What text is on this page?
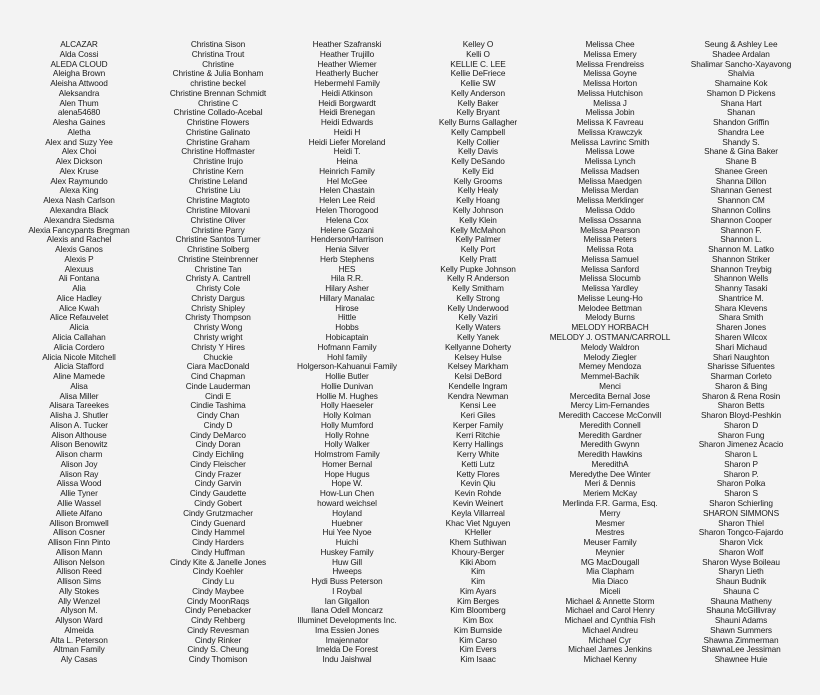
ALCAZAR
Alda Cossi
ALEDA CLOUD
Aleigha Brown
Aleisha Attwood
Aleksandra
Alen Thum
alena54680
Alesha Gaines
Aletha
Alex and Suzy Yee
Alex Choi
Alex Dickson
Alex Kruse
Alex Raymundo
Alexa King
Alexa Nash Carlson
Alexandra Black
Alexandra Siedsma
Alexia Fancypants Bregman
Alexis and Rachel
Alexis Ganos
Alexis P
Alexuus
Ali Fontana
Alia
Alice Hadley
Alice Kwah
Alice Refauvelet
Alicia
Alicia Callahan
Alicia Cordero
Alicia Nicole Mitchell
Alicia Stafford
Aline Mamede
Alisa
Alisa Miller
Alisara Tareekes
Alisha J. Shutler
Alison A. Tucker
Alison Althouse
Alison Benowitz
Alison charm
Alison Joy
Alison Ray
Alissa Wood
Allie Tyner
Allie Wassel
Alliete Alfano
Allison Bromwell
Allison Cosner
Allison Finn Pinto
Allison Mann
Allison Nelson
Allison Reed
Allison Sims
Ally Stokes
Ally Wenzel
Allyson M.
Allyson Ward
Almeida
Alta L. Peterson
Altman Family
Aly Casas
Christina Sison
Christina Trout
Christine
Christine & Julia Bonham
christine beckel
Christine Brennan Schmidt
Christine C
Christine Collado-Acebal
Christine Flowers
Christine Galinato
Christine Graham
Christine Hoffmaster
Christine Irujo
Christine Kern
Christine Leland
Christine Liu
Christine Magtoto
Christine Milovani
Christine Oliver
Christine Parry
Christine Santos Turner
Christine Solberg
Christine Steinbrenner
Christine Tan
Christy A. Cantrell
Christy Cole
Christy Dargus
Christy Shipley
Christy Thompson
Christy Wong
Christy wright
Christy Y Hires
Chuckie
Ciara MacDonald
Cind Chapman
Cinde Lauderman
Cindi E
Cindie Tashima
Cindy Chan
Cindy D
Cindy DeMarco
Cindy Doran
Cindy Eichling
Cindy Fleischer
Cindy Frazer
Cindy Garvin
Cindy Gaudette
Cindy Gobert
Cindy Grutzmacher
Cindy Guenard
Cindy Hammel
Cindy Harders
Cindy Huffman
Cindy Kite & Janelle Jones
Cindy Koehler
Cindy Lu
Cindy Maybee
Cindy MoonRaqs
Cindy Penebacker
Cindy Rehberg
Cindy Revesman
Cindy Rinker
Cindy S. Cheung
Cindy Thomison
Heather Szafranski
Heather Trujillo
Heather Wiemer
Heatherly Bucher
Hebermehl Family
Heidi Atkinson
Heidi Borgwardt
Heidi Brenegan
Heidi Edwards
Heidi H
Heidi Liefer Moreland
Heidi T.
Heina
Heinrich Family
Hel McGee
Helen Chastain
Helen Lee Reid
Helen Thorogood
Helena Cox
Helene Gozani
Henderson/Harrison
Henia Silver
Herb Stephens
HES
Hila R.R.
Hilary Asher
Hillary Manalac
Hirose
Hittle
Hobbs
Hobicaptain
Hofmann Family
Hohl family
Holgerson-Kahuanui Family
Hollie Butler
Hollie Dunivan
Hollie M. Hughes
Holly Haeseler
Holly Kolman
Holly Mumford
Holly Rohne
Holly Walker
Holmstrom Family
Homer Bernal
Hope Hugus
Hope W.
How-Lun Chen
howard weichsel
Hoyland
Huebner
Hui Yee Nyoe
Huichi
Huskey Family
Huw Gill
Hweeps
Hydi Buss Peterson
I Roybal
Ian Gilgallon
Ilana Odell Moncarz
Illuminet Developments Inc.
Ima Essien Jones
Imajennator
Imelda De Forest
Indu Jaishwal
Kelley O
Kelli O
KELLIE C. LEE
Kellie DeFriece
Kellie SW
Kelly Anderson
Kelly Baker
Kelly Bryant
Kelly Burns Gallagher
Kelly Campbell
Kelly Collier
Kelly Davis
Kelly DeSando
Kelly Eid
Kelly Grooms
Kelly Healy
Kelly Hoang
Kelly Johnson
Kelly Klein
Kelly McMahon
Kelly Palmer
Kelly Port
Kelly Pratt
Kelly Pupke Johnson
Kelly R Anderson
Kelly Smitham
Kelly Strong
Kelly Underwood
Kelly Vaziri
Kelly Waters
Kelly Yanek
Kellyanne Doherty
Kelsey Hulse
Kelsey Markham
Kelsi DeBord
Kendelle Ingram
Kendra Newman
Kensi Lee
Keri Giles
Kerper Family
Kerri Ritchie
Kerry Hallings
Kerry White
Ketti Lutz
Ketty Flores
Kevin Qiu
Kevin Rohde
Kevin Weinert
Keyla Villarreal
Khac Viet Nguyen
KHeller
Khem Suthiwan
Khoury-Berger
Kiki Abom
Kim
Kim
Kim Ayars
Kim Berges
Kim Bloomberg
Kim Box
Kim Burnside
Kim Carso
Kim Evers
Kim Isaac
Melissa Chee
Melissa Emery
Melissa Frendreiss
Melissa Goyne
Melissa Horton
Melissa Hutchison
Melissa J
Melissa Jobin
Melissa K Favreau
Melissa Krawczyk
Melissa Lavrinc Smith
Melissa Lowe
Melissa Lynch
Melissa Madsen
Melissa Maedgen
Melissa Merdan
Melissa Merklinger
Melissa Oddo
Melissa Ossanna
Melissa Pearson
Melissa Peters
Melissa Rota
Melissa Samuel
Melissa Sanford
Melissa Slocumb
Melissa Yardley
Melisse Leung-Ho
Melodee Bettman
Melody Burns
MELODY HORBACH
MELODY J. OSTMAN/CARROLL
Melody Waldron
Melody Ziegler
Memey Mendoza
Memmel-Bachik
Menci
Mercedita Bernal Jose
Mercy Lim-Fernandes
Meredith Caccese McConvill
Meredith Connell
Meredith Gardner
Meredith Gwynn
Meredith Hawkins
MeredithA
Meredythe Dee Winter
Meri & Dennis
Meriem McKay
Merlinda F.R. Garma, Esq.
Merry
Mesmer
Mestres
Meuser Family
Meynier
MG MacDougall
Mia Clapham
Mia Diaco
Miceli
Michael & Annette Storm
Michael and Carol Henry
Michael and Cynthia Fish
Michael Andreu
Michael Cyr
Michael James Jenkins
Michael Kenny
Seung & Ashley Lee
Shadee Ardalan
Shalimar Sancho-Xayavong
Shalvia
Shamaine Kok
Shamon D Pickens
Shana Hart
Shanan
Shandon Griffin
Shandra Lee
Shandy S.
Shane & Gina Baker
Shane B
Shanee Green
Shanna Dillon
Shannan Genest
Shannon CM
Shannon Collins
Shannon Cooper
Shannon F.
Shannon L.
Shannon M. Latko
Shannon Striker
Shannon Treybig
Shannon Wells
Shanny Tasaki
Shantrice M.
Shara Klevens
Shara Smith
Sharen Jones
Sharen Wilcox
Shari Michaud
Shari Naughton
Sharisse Sifuentes
Sharman Corleto
Sharon & Bing
Sharon & Rena Rosin
Sharon Betts
Sharon Bloyd-Peshkin
Sharon D
Sharon Fung
Sharon Jimenez Acacio
Sharon L
Sharon P
Sharon P.
Sharon Polka
Sharon S
Sharon Schierling
SHARON SIMMONS
Sharon Thiel
Sharon Tongco-Fajardo
Sharon Vick
Sharon Wolf
Sharon Wyse Boileau
Sharyn Lieth
Shaun Budnik
Shauna C
Shauna Matheny
Shauna McGillivray
Shauni Adams
Shawn Summers
Shawna Zimmerman
ShawnaLee Jessiman
Shawnee Huie
